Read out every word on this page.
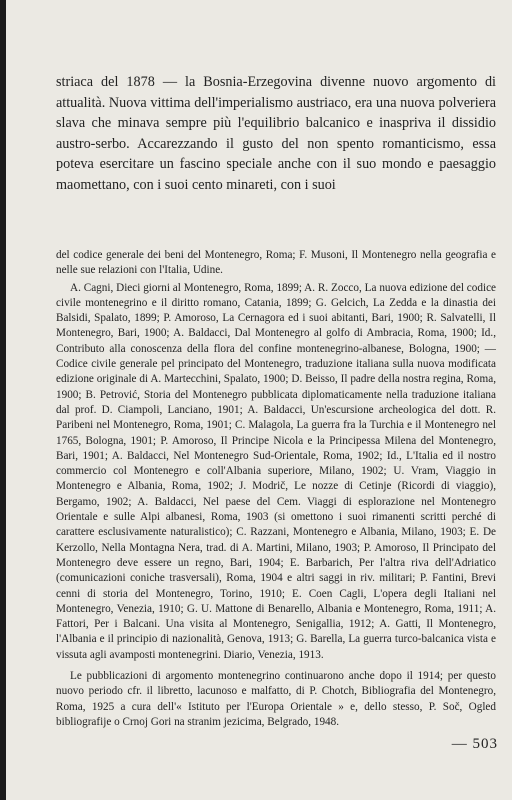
striaca del 1878 — la Bosnia-Erzegovina divenne nuovo argomento di attualità. Nuova vittima dell'imperialismo austriaco, era una nuova polveriera slava che minava sempre più l'equilibrio balcanico e inaspriva il dissidio austro-serbo. Accarezzando il gusto del non spento romanticismo, essa poteva esercitare un fascino speciale anche con il suo mondo e paesaggio maomettano, con i suoi cento minareti, con i suoi

del codice generale dei beni del Montenegro, Roma; F. Musoni, Il Montenegro nella geografia e nelle sue relazioni con l'Italia, Udine.

A. Cagni, Dieci giorni al Montenegro, Roma, 1899; A. R. Zocco, La nuova edizione del codice civile montenegrino e il diritto romano, Catania, 1899; G. Gelcich, La Zedda e la dinastia dei Balsidi, Spalato, 1899; P. Amoroso, La Cernagora ed i suoi abitanti, Bari, 1900; R. Salvatelli, Il Montenegro, Bari, 1900; A. Baldacci, Dal Montenegro al golfo di Ambracia, Roma, 1900; Id., Contributo alla conoscenza della flora del confine montenegrino-albanese, Bologna, 1900; — Codice civile generale pel principato del Montenegro, traduzione italiana sulla nuova modificata edizione originale di A. Martecchini, Spalato, 1900; D. Beisso, Il padre della nostra regina, Roma, 1900; B. Petrović, Storia del Montenegro pubblicata diplomaticamente nella traduzione italiana dal prof. D. Ciampoli, Lanciano, 1901; A. Baldacci, Un'escursione archeologica del dott. R. Paribeni nel Montenegro, Roma, 1901; C. Malagola, La guerra fra la Turchia e il Montenegro nel 1765, Bologna, 1901; P. Amoroso, Il Principe Nicola e la Principessa Milena del Montenegro, Bari, 1901; A. Baldacci, Nel Montenegro Sud-Orientale, Roma, 1902; Id., L'Italia ed il nostro commercio col Montenegro e coll'Albania superiore, Milano, 1902; U. Vram, Viaggio in Montenegro e Albania, Roma, 1902; J. Modrič, Le nozze di Cetinje (Ricordi di viaggio), Bergamo, 1902; A. Baldacci, Nel paese del Cem. Viaggi di esplorazione nel Montenegro Orientale e sulle Alpi albanesi, Roma, 1903 (si omettono i suoi rimanenti scritti perché di carattere esclusivamente naturalistico); C. Razzani, Montenegro e Albania, Milano, 1903; E. De Kerzollo, Nella Montagna Nera, trad. di A. Martini, Milano, 1903; P. Amoroso, Il Principato del Montenegro deve essere un regno, Bari, 1904; E. Barbarich, Per l'altra riva dell'Adriatico (comunicazioni coniche trasversali), Roma, 1904 e altri saggi in riv. militari; P. Fantini, Brevi cenni di storia del Montenegro, Torino, 1910; E. Coen Cagli, L'opera degli Italiani nel Montenegro, Venezia, 1910; G. U. Mattone di Benarello, Albania e Montenegro, Roma, 1911; A. Fattori, Per i Balcani. Una visita al Montenegro, Senigallia, 1912; A. Gatti, Il Montenegro, l'Albania e il principio di nazionalità, Genova, 1913; G. Barella, La guerra turco-balcanica vista e vissuta agli avamposti montenegrini. Diario, Venezia, 1913.

Le pubblicazioni di argomento montenegrino continuarono anche dopo il 1914; per questo nuovo periodo cfr. il libretto, lacunoso e malfatto, di P. Chotch, Bibliografia del Montenegro, Roma, 1925 a cura dell'« Istituto per l'Europa Orientale » e, dello stesso, P. Soč, Ogled bibliografije o Crnoj Gori na stranim jezicima, Belgrado, 1948.

— 503
